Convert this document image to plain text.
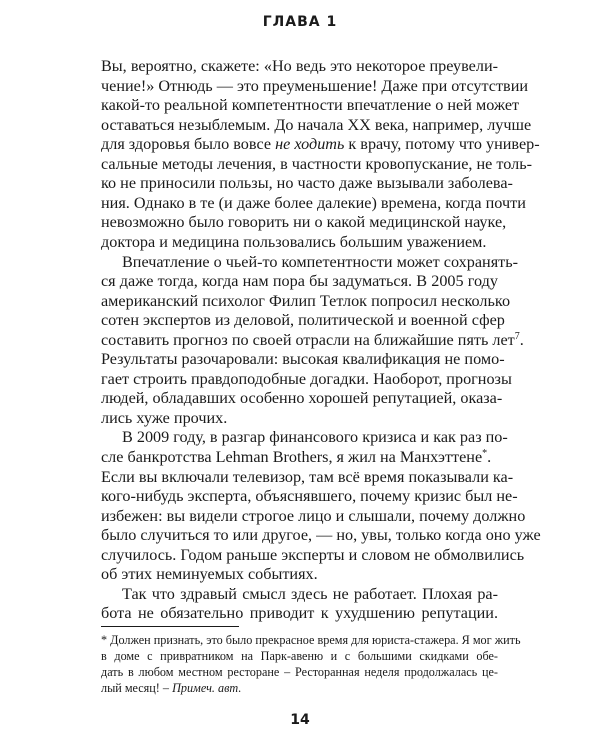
ГЛАВА 1
Вы, вероятно, скажете: «Но ведь это некоторое преувели-
чение!» Отнюдь — это преуменьшение! Даже при отсутствии
какой-то реальной компетентности впечатление о ней может
оставаться незыблемым. До начала XX века, например, лучше
для здоровья было вовсе не ходить к врачу, потому что универ-
сальные методы лечения, в частности кровопускание, не толь-
ко не приносили пользы, но часто даже вызывали заболева-
ния. Однако в те (и даже более далекие) времена, когда почти
невозможно было говорить ни о какой медицинской науке,
доктора и медицина пользовались большим уважением.
Впечатление о чьей-то компетентности может сохранять-
ся даже тогда, когда нам пора бы задуматься. В 2005 году
американский психолог Филип Тетлок попросил несколько
сотен экспертов из деловой, политической и военной сфер
составить прогноз по своей отрасли на ближайшие пять лет$^7$.
Результаты разочаровали: высокая квалификация не помо-
гает строить правдоподобные догадки. Наоборот, прогнозы
людей, обладавших особенно хорошей репутацией, оказа-
лись хуже прочих.
В 2009 году, в разгар финансового кризиса и как раз по-
сле банкротства Lehman Brothers, я жил на Манхэттене*.
Если вы включали телевизор, там всё время показывали ка-
кого-нибудь эксперта, объяснявшего, почему кризис был не-
избежен: вы видели строгое лицо и слышали, почему должно
было случиться то или другое, — но, увы, только когда оно уже
случилось. Годом раньше эксперты и словом не обмолвились
об этих неминуемых событиях.
Так что здравый смысл здесь не работает. Плохая ра-
бота не обязательно приводит к ухудшению репутации.
* Должен признать, это было прекрасное время для юриста-стажера. Я мог жить
в доме с привратником на Парк-авеню и с большими скидками обе-
дать в любом местном ресторане – Ресторанная неделя продолжалась це-
лый месяц! – Примеч. авт.
14
